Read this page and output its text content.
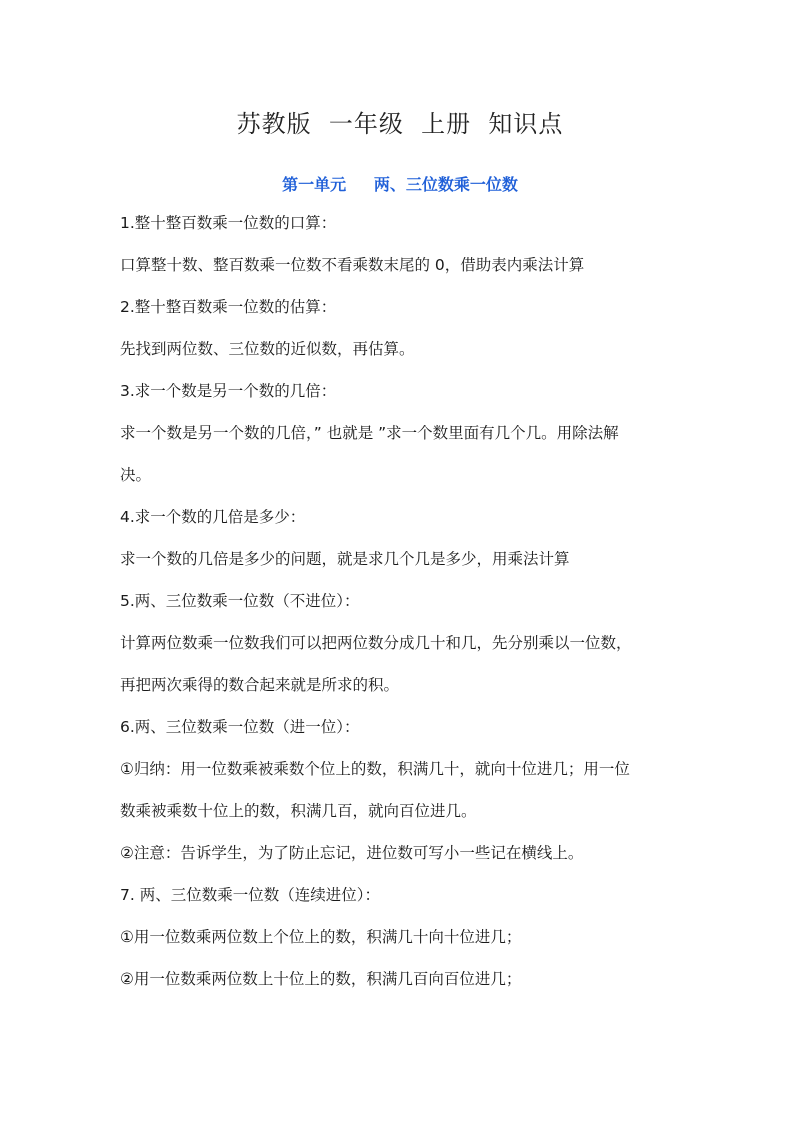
苏教版  一年级  上册  知识点
第一单元     两、三位数乘一位数
1.整十整百数乘一位数的口算：
口算整十数、整百数乘一位数不看乘数末尾的 0，借助表内乘法计算
2.整十整百数乘一位数的估算：
先找到两位数、三位数的近似数，再估算。
3.求一个数是另一个数的几倍：
求一个数是另一个数的几倍，” 也就是 ”求一个数里面有几个几。用除法解
决。
4.求一个数的几倍是多少：
求一个数的几倍是多少的问题，就是求几个几是多少，用乘法计算
5.两、三位数乘一位数（不进位）：
计算两位数乘一位数我们可以把两位数分成几十和几，先分别乘以一位数，
再把两次乘得的数合起来就是所求的积。
6.两、三位数乘一位数（进一位）：
①归纳：用一位数乘被乘数个位上的数，积满几十，就向十位进几；用一位
数乘被乘数十位上的数，积满几百，就向百位进几。
②注意：告诉学生，为了防止忘记，进位数可写小一些记在横线上。
7. 两、三位数乘一位数（连续进位）：
①用一位数乘两位数上个位上的数，积满几十向十位进几；
②用一位数乘两位数上十位上的数，积满几百向百位进几；
